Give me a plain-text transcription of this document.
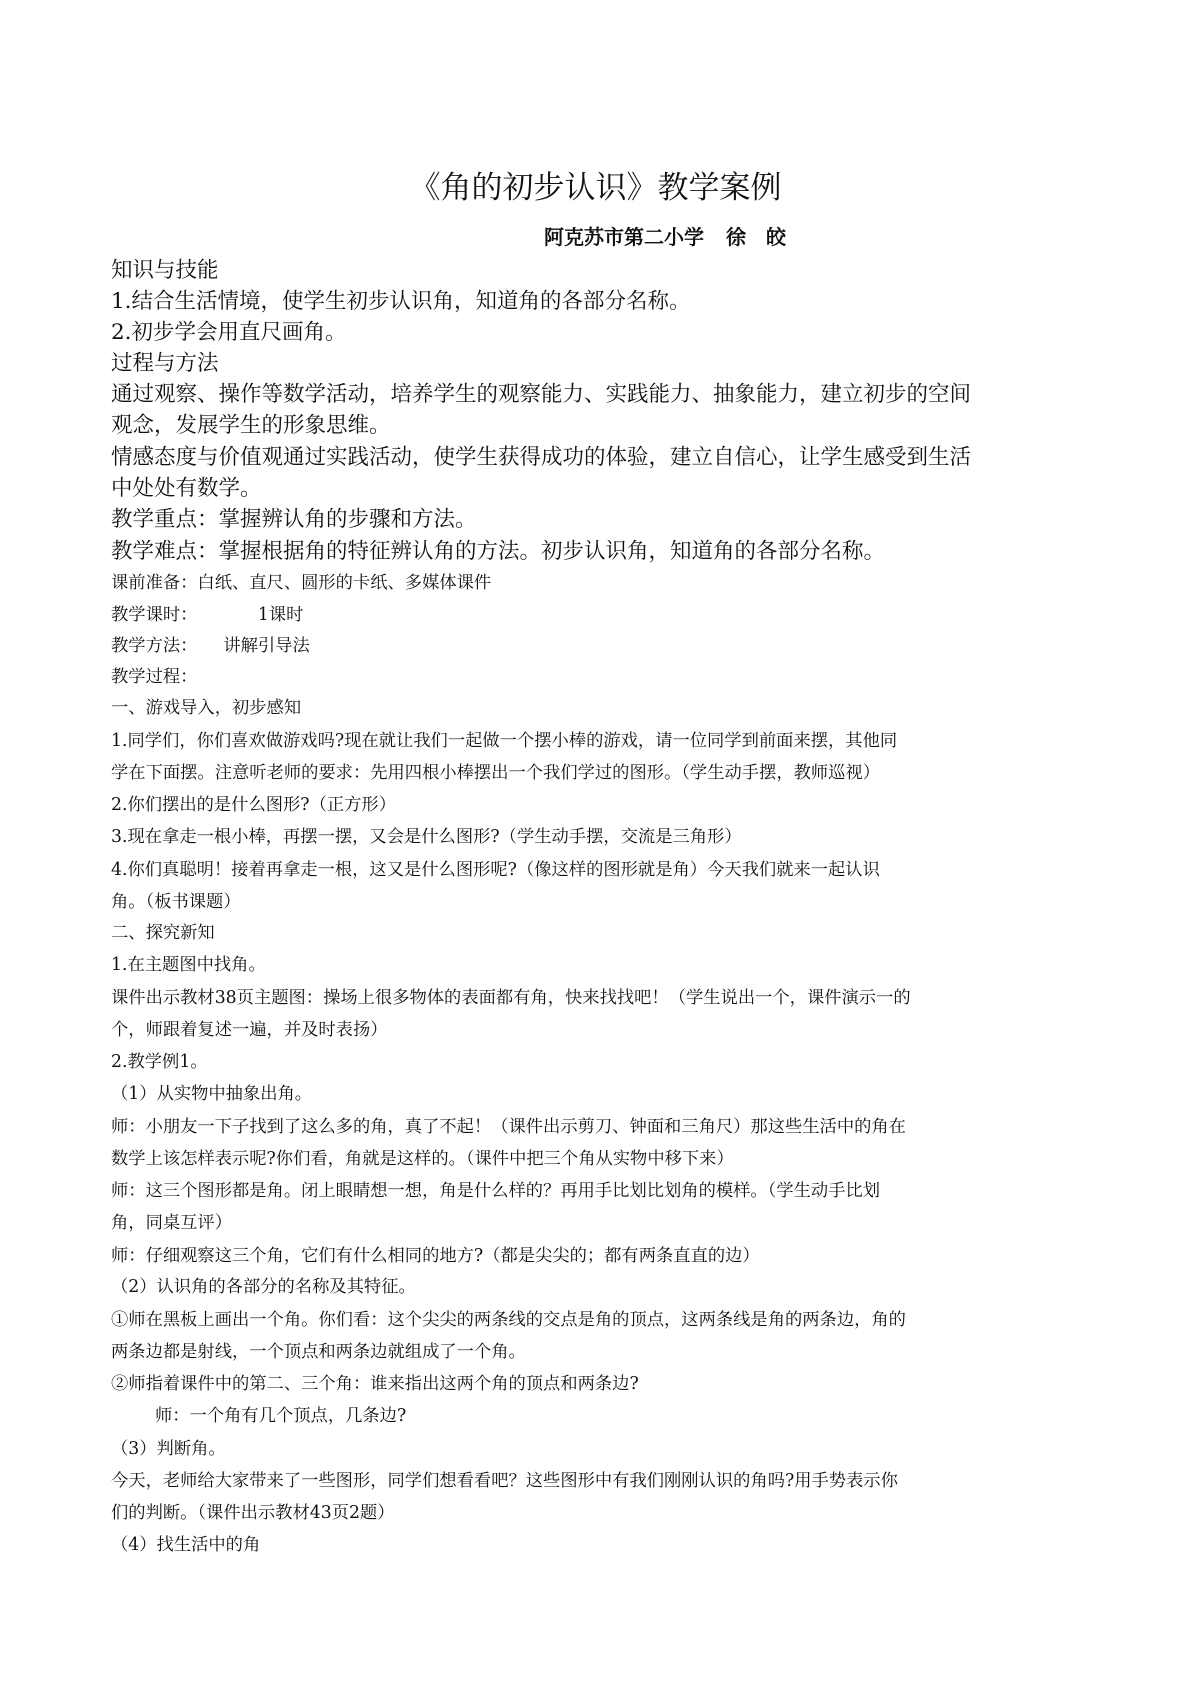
《角的初步认识》教学案例
阿克苏市第二小学 徐　皎
知识与技能
1.结合生活情境，使学生初步认识角，知道角的各部分名称。
2.初步学会用直尺画角。
过程与方法
通过观察、操作等数学活动，培养学生的观察能力、实践能力、抽象能力，建立初步的空间
观念，发展学生的形象思维。
情感态度与价值观通过实践活动，使学生获得成功的体验，建立自信心，让学生感受到生活
中处处有数学。
教学重点：掌握辨认角的步骤和方法。
教学难点：掌握根据角的特征辨认角的方法。初步认识角，知道角的各部分名称。
课前准备：白纸、直尺、圆形的卡纸、多媒体课件
教学课时：　　　　1课时
教学方法：　　讲解引导法
教学过程：
一、游戏导入，初步感知
1.同学们，你们喜欢做游戏吗?现在就让我们一起做一个摆小棒的游戏，请一位同学到前面来摆，其他同
学在下面摆。注意听老师的要求：先用四根小棒摆出一个我们学过的图形。（学生动手摆，教师巡视）
2.你们摆出的是什么图形?（正方形）
3.现在拿走一根小棒，再摆一摆，又会是什么图形?（学生动手摆，交流是三角形）
4.你们真聪明！接着再拿走一根，这又是什么图形呢?（像这样的图形就是角）今天我们就来一起认识
角。（板书课题）
二、探究新知
1.在主题图中找角。
课件出示教材38页主题图：操场上很多物体的表面都有角，快来找找吧！（学生说出一个，课件演示一的
个，师跟着复述一遍，并及时表扬）
2.教学例1。
（1）从实物中抽象出角。
师：小朋友一下子找到了这么多的角，真了不起！（课件出示剪刀、钟面和三角尺）那这些生活中的角在
数学上该怎样表示呢?你们看，角就是这样的。（课件中把三个角从实物中移下来）
师：这三个图形都是角。闭上眼睛想一想，角是什么样的？再用手比划比划角的模样。（学生动手比划
角，同桌互评）
师：仔细观察这三个角，它们有什么相同的地方?（都是尖尖的；都有两条直直的边）
（2）认识角的各部分的名称及其特征。
①师在黑板上画出一个角。你们看：这个尖尖的两条线的交点是角的顶点，这两条线是角的两条边，角的
两条边都是射线，一个顶点和两条边就组成了一个角。
②师指着课件中的第二、三个角：谁来指出这两个角的顶点和两条边?
师：一个角有几个顶点，几条边?
（3）判断角。
今天，老师给大家带来了一些图形，同学们想看看吧？这些图形中有我们刚刚认识的角吗?用手势表示你
们的判断。（课件出示教材43页2题）
（4）找生活中的角
